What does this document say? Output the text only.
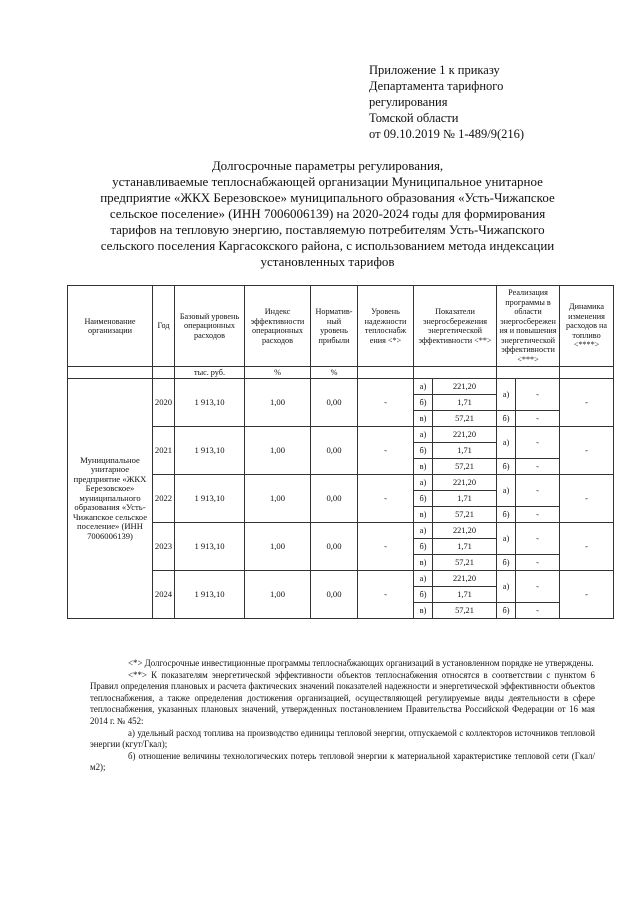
Приложение 1 к приказу
Департамента тарифного
регулирования
Томской области
от 09.10.2019 № 1-489/9(216)
Долгосрочные параметры регулирования,
устанавливаемые теплоснабжающей организации Муниципальное унитарное
предприятие «ЖКХ Березовское» муниципального образования «Усть-Чижапское
сельское поселение» (ИНН 7006006139) на 2020-2024 годы для формирования
тарифов на тепловую энергию, поставляемую потребителям Усть-Чижапского
сельского поселения Каргасокского района, с использованием метода индексации
установленных тарифов
Наименование организации	Год	Базовый уровень операционных расходов	Индекс эффективности операционных расходов	Норматив- ный уровень прибыли	Уровень надежности теплоснабж ения <*>	Показатели энергосбережения энергетической эффективности <**>		Реализация программы в области энергосбережен ия и повышения энергетической эффективности <***>		Динамика изменения расходов на топливо <****>
		тыс. руб.	%	%						
Муниципальное унитарное предприятие «ЖКХ Березовское» муниципального образования «Усть-Чижапское сельское поселение» (ИНН 7006006139)	2020	1 913,10	1,00	0,00	-	а)	221,20	а)	-	-
						б)	1,71			
						в)	57,21	б)	-	
	2021	1 913,10	1,00	0,00	-	а)	221,20	а)	-	-
						б)	1,71			
						в)	57,21	б)	-	
	2022	1 913,10	1,00	0,00	-	а)	221,20	а)	-	-
						б)	1,71			
						в)	57,21	б)	-	
	2023	1 913,10	1,00	0,00	-	а)	221,20	а)	-	-
						б)	1,71			
						в)	57,21	б)	-	
	2024	1 913,10	1,00	0,00	-	а)	221,20	а)	-	-
						б)	1,71			
						в)	57,21	б)	-	

<*> Долгосрочные инвестиционные программы теплоснабжающих организаций в установленном порядке не утверждены.

<**> К показателям энергетической эффективности объектов теплоснабжения относятся в соответствии с пунктом 6 Правил определения плановых и расчета фактических значений показателей надежности и энергетической эффективности объектов теплоснабжения, а также определения достижения организацией, осуществляющей регулируемые виды деятельности в сфере теплоснабжения, указанных плановых значений, утвержденных постановлением Правительства Российской Федерации от 16 мая 2014 г. № 452:

а) удельный расход топлива на производство единицы тепловой энергии, отпускаемой с коллекторов источников тепловой энергии (кгут/Гкал);

б) отношение величины технологических потерь тепловой энергии к материальной характеристике тепловой сети (Гкал/м2);
